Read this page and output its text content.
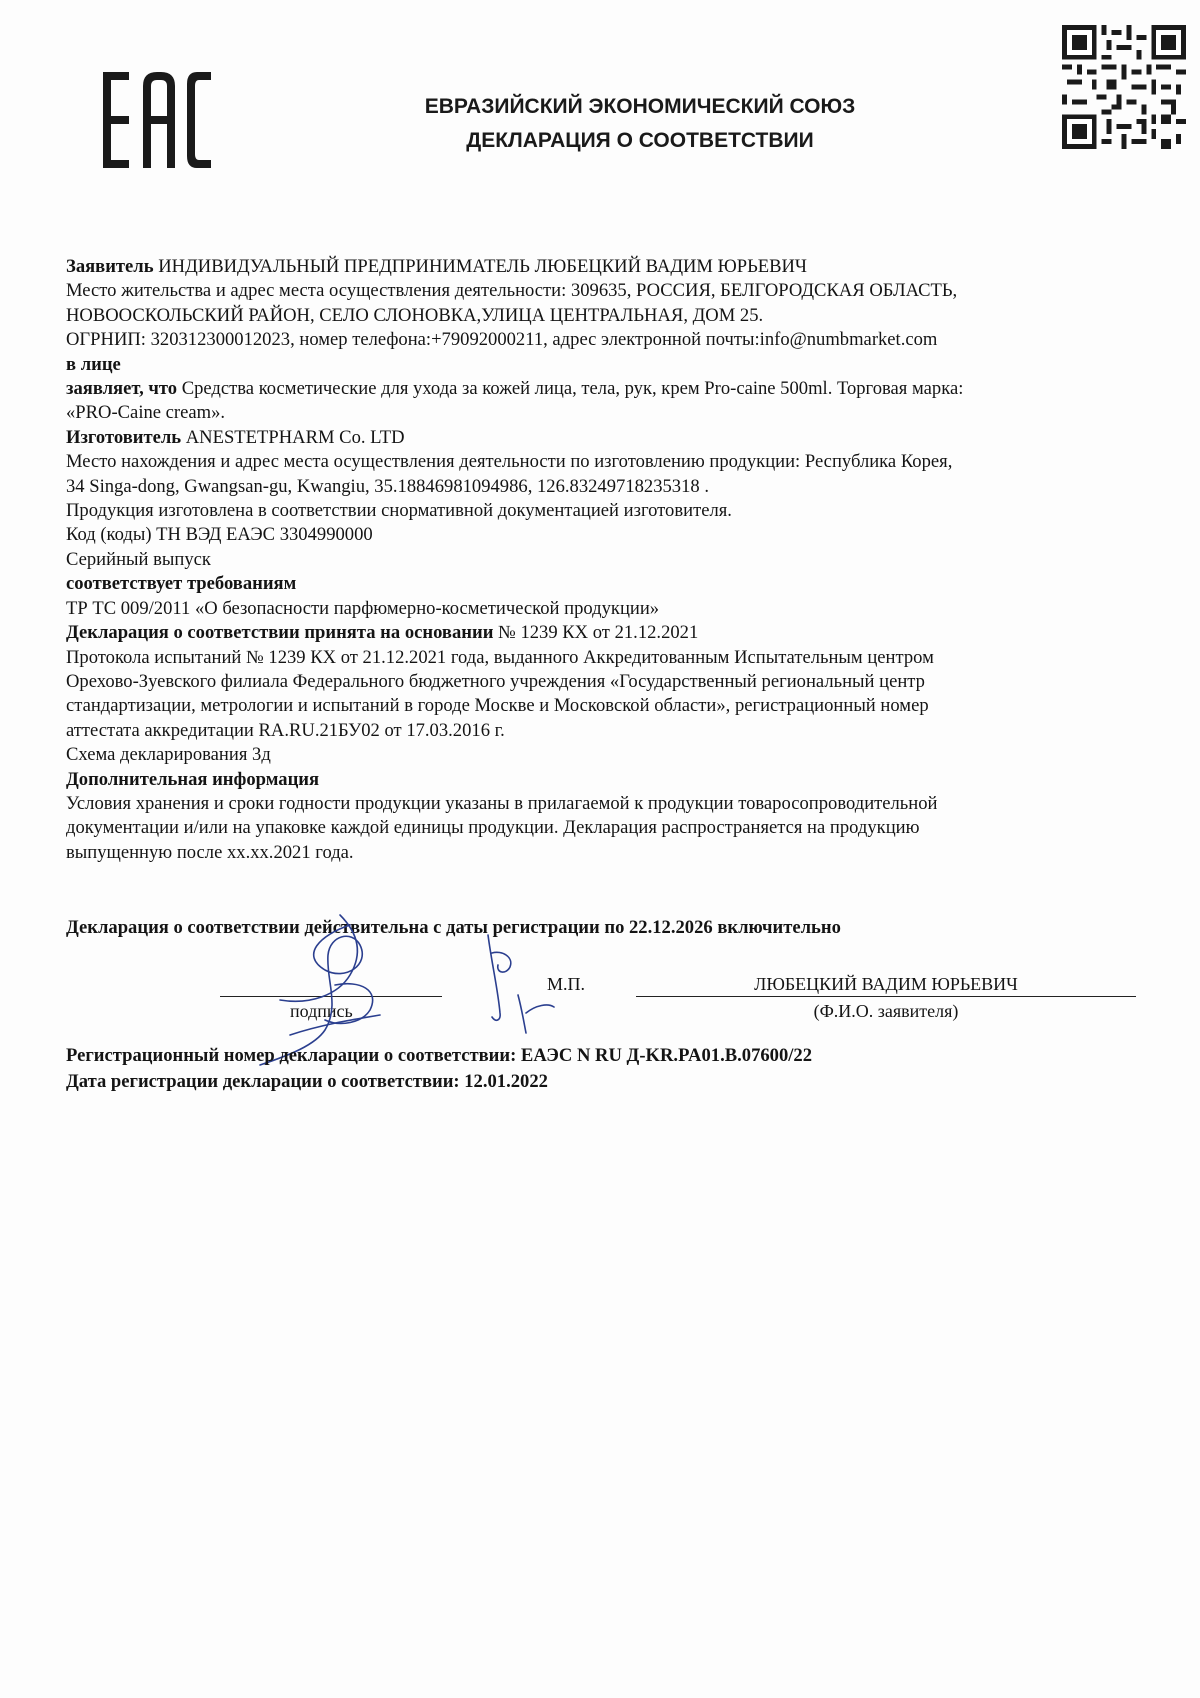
ЕВРАЗИЙСКИЙ ЭКОНОМИЧЕСКИЙ СОЮЗ
ДЕКЛАРАЦИЯ О СООТВЕТСТВИИ

Заявитель ИНДИВИДУАЛЬНЫЙ ПРЕДПРИНИМАТЕЛЬ ЛЮБЕЦКИЙ ВАДИМ ЮРЬЕВИЧ

Место жительства и адрес места осуществления деятельности: 309635, РОССИЯ, БЕЛГОРОДСКАЯ ОБЛАСТЬ,

НОВООСКОЛЬСКИЙ РАЙОН, СЕЛО СЛОНОВКА,УЛИЦА ЦЕНТРАЛЬНАЯ, ДОМ 25.

ОГРНИП: 320312300012023, номер телефона:+79092000211, адрес электронной почты:info@numbmarket.com

в лице

заявляет, что Средства косметические для ухода за кожей лица, тела, рук, крем Pro-caine 500ml. Торговая марка:

«PRO-Caine cream».

Изготовитель ANESTETPHARM Co. LTD

Место нахождения и адрес места осуществления деятельности по изготовлению продукции: Республика Корея,

34 Singa-dong, Gwangsan-gu, Kwangiu, 35.18846981094986, 126.83249718235318 .

Продукция изготовлена в соответствии снормативной документацией изготовителя.

Код (коды) ТН ВЭД ЕАЭС 3304990000

Серийный выпуск

соответствует требованиям

ТР ТС 009/2011 «О безопасности парфюмерно-косметической продукции»

Декларация о соответствии принята на основании № 1239 КХ от 21.12.2021

Протокола испытаний № 1239 КХ от 21.12.2021 года, выданного Аккредитованным Испытательным центром

Орехово-Зуевского филиала Федерального бюджетного учреждения «Государственный региональный центр

стандартизации, метрологии и испытаний в городе Москве и Московской области», регистрационный номер

аттестата аккредитации RA.RU.21БУ02 от 17.03.2016 г.

Схема декларирования 3д

Дополнительная информация

Условия хранения и сроки годности продукции указаны в прилагаемой к продукции товаросопроводительной

документации и/или на упаковке каждой единицы продукции. Декларация распространяется на продукцию

выпущенную после xx.xx.2021 года.

Декларация о соответствии действительна с даты регистрации по 22.12.2026 включительно
М.П.	ЛЮБЕЦКИЙ ВАДИМ ЮРЬЕВИЧ
подпись	(Ф.И.О. заявителя)
Регистрационный номер декларации о соответствии: ЕАЭС N RU Д-KR.PA01.B.07600/22
Дата регистрации декларации о соответствии: 12.01.2022
